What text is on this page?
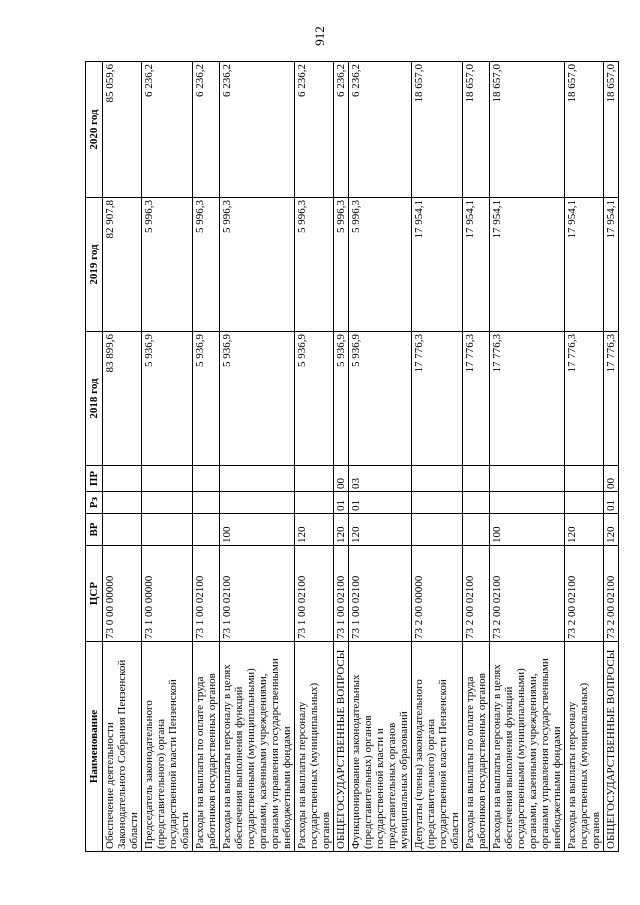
912
Наименование	ЦСР	ВР	Рз	ПР	2018 год	2019 год	2020 год
Обеспечение деятельности Законодательного Собрания Пензенской области	73 0 00 00000				83 899,6	82 907,8	85 059,6
Председатель законодательного (представительного) органа государственной власти Пензенской области	73 1 00 00000				5 936,9	5 996,3	6 236,2
Расходы на выплаты по оплате труда работников государственных органов	73 1 00 02100				5 936,9	5 996,3	6 236,2
Расходы на выплаты персоналу в целях обеспечения выполнения функций государственными (муниципальными) органами, казенными учреждениями, органами управления государственными внебюджетными фондами	73 1 00 02100	100			5 936,9	5 996,3	6 236,2
Расходы на выплаты персоналу государственных (муниципальных) органов	73 1 00 02100	120			5 936,9	5 996,3	6 236,2
ОБЩЕГОСУДАРСТВЕННЫЕ ВОПРОСЫ	73 1 00 02100	120	01	00	5 936,9	5 996,3	6 236,2
Функционирование законодательных (представительных) органов государственной власти и представительных органов муниципальных образований	73 1 00 02100	120	01	03	5 936,9	5 996,3	6 236,2
Депутаты (члены) законодательного (представительного) органа государственной власти Пензенской области	73 2 00 00000				17 776,3	17 954,1	18 657,0
Расходы на выплаты по оплате труда работников государственных органов	73 2 00 02100				17 776,3	17 954,1	18 657,0
Расходы на выплаты персоналу в целях обеспечения выполнения функций государственными (муниципальными) органами, казенными учреждениями, органами управления государственными внебюджетными фондами	73 2 00 02100	100			17 776,3	17 954,1	18 657,0
Расходы на выплаты персоналу государственных (муниципальных) органов	73 2 00 02100	120			17 776,3	17 954,1	18 657,0
ОБЩЕГОСУДАРСТВЕННЫЕ ВОПРОСЫ	73 2 00 02100	120	01	00	17 776,3	17 954,1	18 657,0
